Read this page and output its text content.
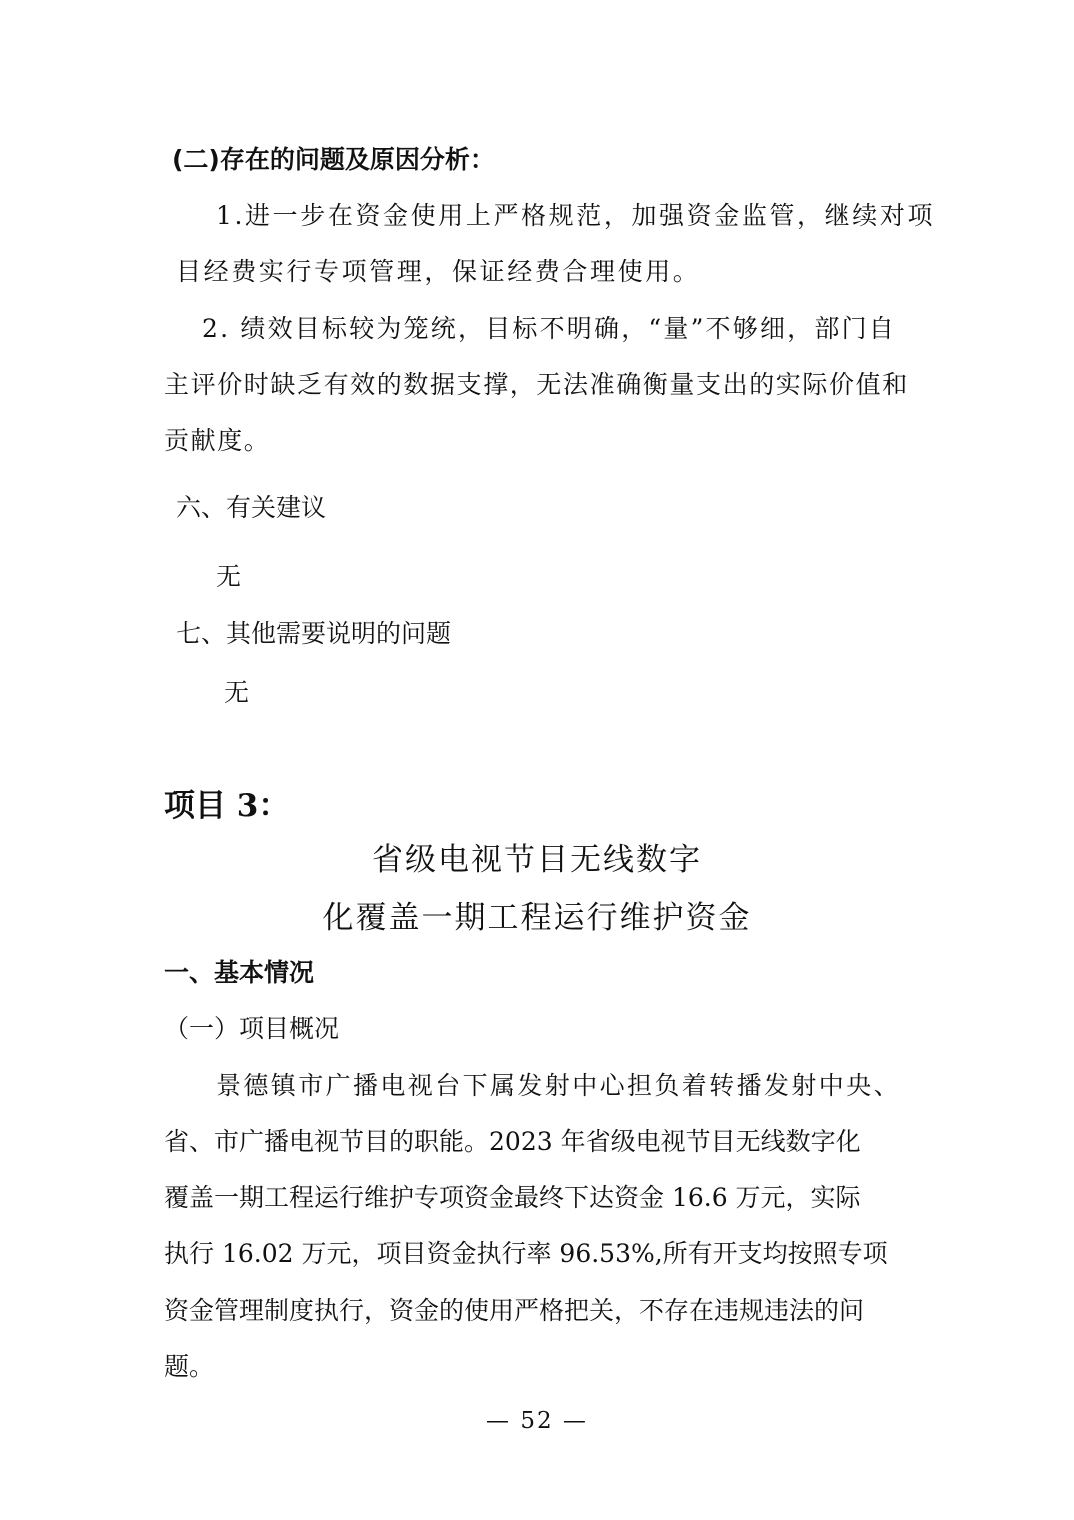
(二)存在的问题及原因分析：
1.进一步在资金使用上严格规范，加强资金监管，继续对项
目经费实行专项管理，保证经费合理使用。
2. 绩效目标较为笼统，目标不明确，“量”不够细，部门自
主评价时缺乏有效的数据支撑，无法准确衡量支出的实际价值和
贡献度。
六、有关建议
无
七、其他需要说明的问题
无
项目 3：
省级电视节目无线数字
化覆盖一期工程运行维护资金
一、基本情况
（一）项目概况
景德镇市广播电视台下属发射中心担负着转播发射中央、
省、市广播电视节目的职能。2023 年省级电视节目无线数字化
覆盖一期工程运行维护专项资金最终下达资金 16.6 万元，实际
执行 16.02 万元，项目资金执行率 96.53%,所有开支均按照专项
资金管理制度执行，资金的使用严格把关，不存在违规违法的问
题。
— 52 —
